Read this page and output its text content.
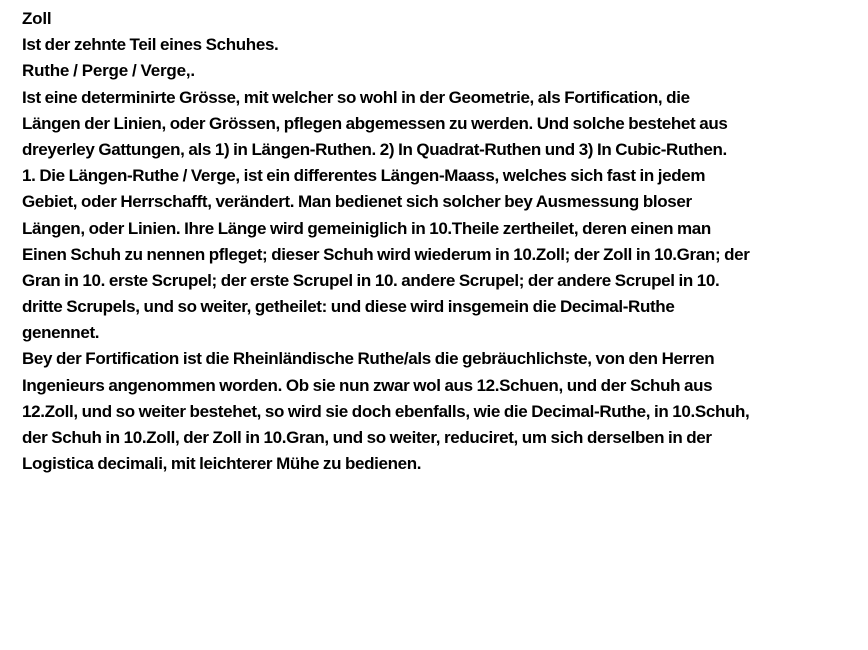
Zoll
Ist der zehnte Teil eines Schuhes.
Ruthe / Perge / Verge,.
Ist eine determinirte Grösse, mit welcher so wohl in der Geometrie, als Fortification, die
Längen der Linien, oder Grössen, pflegen abgemessen zu werden. Und solche bestehet aus
dreyerley Gattungen, als 1) in Längen-Ruthen. 2) In Quadrat-Ruthen und 3) In Cubic-Ruthen.
1. Die Längen-Ruthe / Verge, ist ein differentes Längen-Maass, welches sich fast in jedem
Gebiet, oder Herrschafft, verändert. Man bedienet sich solcher bey Ausmessung bloser
Längen, oder Linien. Ihre Länge wird gemeiniglich in 10.Theile zertheilet, deren einen man
Einen Schuh zu nennen pfleget; dieser Schuh wird wiederum in 10.Zoll; der Zoll in 10.Gran; der
Gran in 10. erste Scrupel; der erste Scrupel in 10. andere Scrupel; der andere Scrupel in 10.
dritte Scrupels, und so weiter, getheilet: und diese wird insgemein die Decimal-Ruthe
genennet.
Bey der Fortification ist die Rheinländische Ruthe/als die gebräuchlichste, von den Herren
Ingenieurs angenommen worden. Ob sie nun zwar wol aus 12.Schuen, und der Schuh aus
12.Zoll, und so weiter bestehet, so wird sie doch ebenfalls, wie die Decimal-Ruthe, in 10.Schuh,
der Schuh in 10.Zoll, der Zoll in 10.Gran, und so weiter, reduciret, um sich derselben in der
Logistica decimali, mit leichterer Mühe zu bedienen.
